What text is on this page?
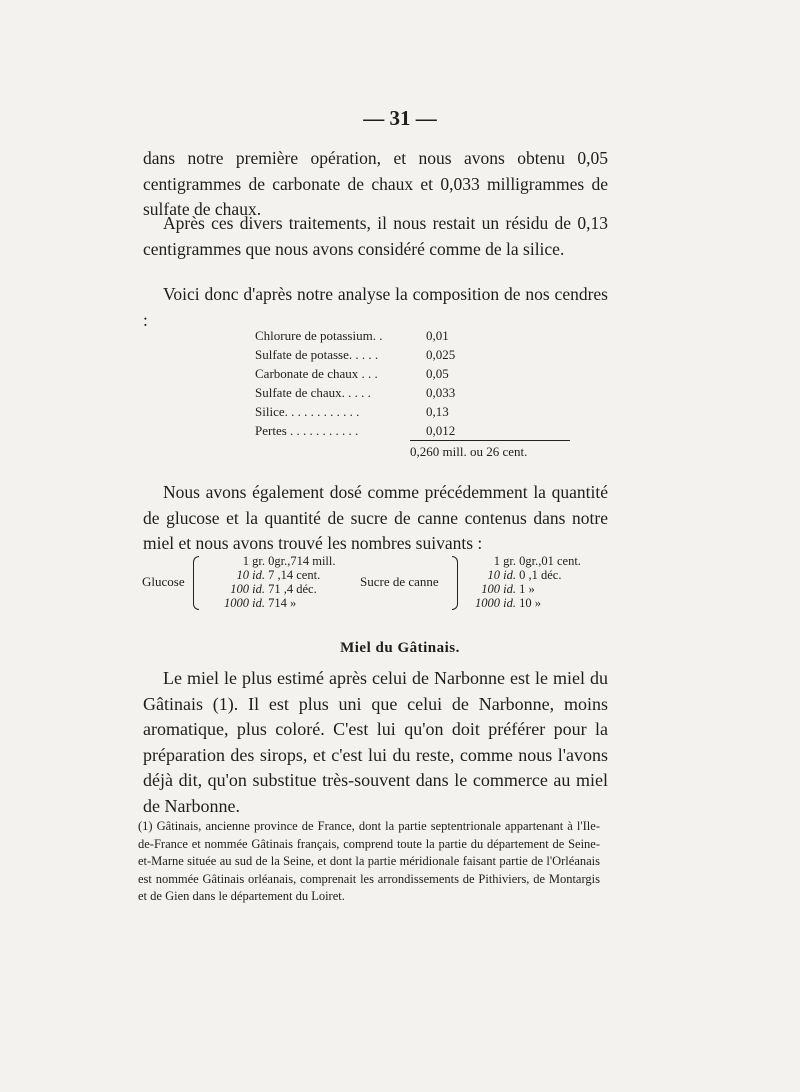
— 31 —
dans notre première opération, et nous avons obtenu 0,05 centigrammes de carbonate de chaux et 0,033 milligrammes de sulfate de chaux.
Après ces divers traitements, il nous restait un résidu de 0,13 centigrammes que nous avons considéré comme de la silice.
Voici donc d'après notre analyse la composition de nos cendres :
Chlorure de potassium. .	0,01
Sulfate de potasse. . . . .	0,025
Carbonate de chaux . . .	0,05
Sulfate de chaux. . . . .	0,033
Silice. . . . . . . . . . . .	0,13
Pertes . . . . . . . . . . .	0,012
0,260 mill. ou 26 cent.
Nous avons également dosé comme précédemment la quantité de glucose et la quantité de sucre de canne contenus dans notre miel et nous avons trouvé les nombres suivants :
Glucose
1 gr. 0gr.,714 mill.
10 id. 7 ,14 cent.
100 id. 71 ,4 déc.
1000 id. 714 »
Sucre de canne
1 gr. 0gr.,01 cent.
10 id. 0 ,1 déc.
100 id. 1 »
1000 id. 10 »
Miel du Gâtinais.
Le miel le plus estimé après celui de Narbonne est le miel du Gâtinais (1). Il est plus uni que celui de Narbonne, moins aromatique, plus coloré. C'est lui qu'on doit préférer pour la préparation des sirops, et c'est lui du reste, comme nous l'avons déjà dit, qu'on substitue très-souvent dans le commerce au miel de Narbonne.
(1) Gâtinais, ancienne province de France, dont la partie septentrionale appartenant à l'Ile-de-France et nommée Gâtinais français, comprend toute la partie du département de Seine-et-Marne située au sud de la Seine, et dont la partie méridionale faisant partie de l'Orléanais est nommée Gâtinais orléanais, comprenait les arrondissements de Pithiviers, de Montargis et de Gien dans le département du Loiret.
